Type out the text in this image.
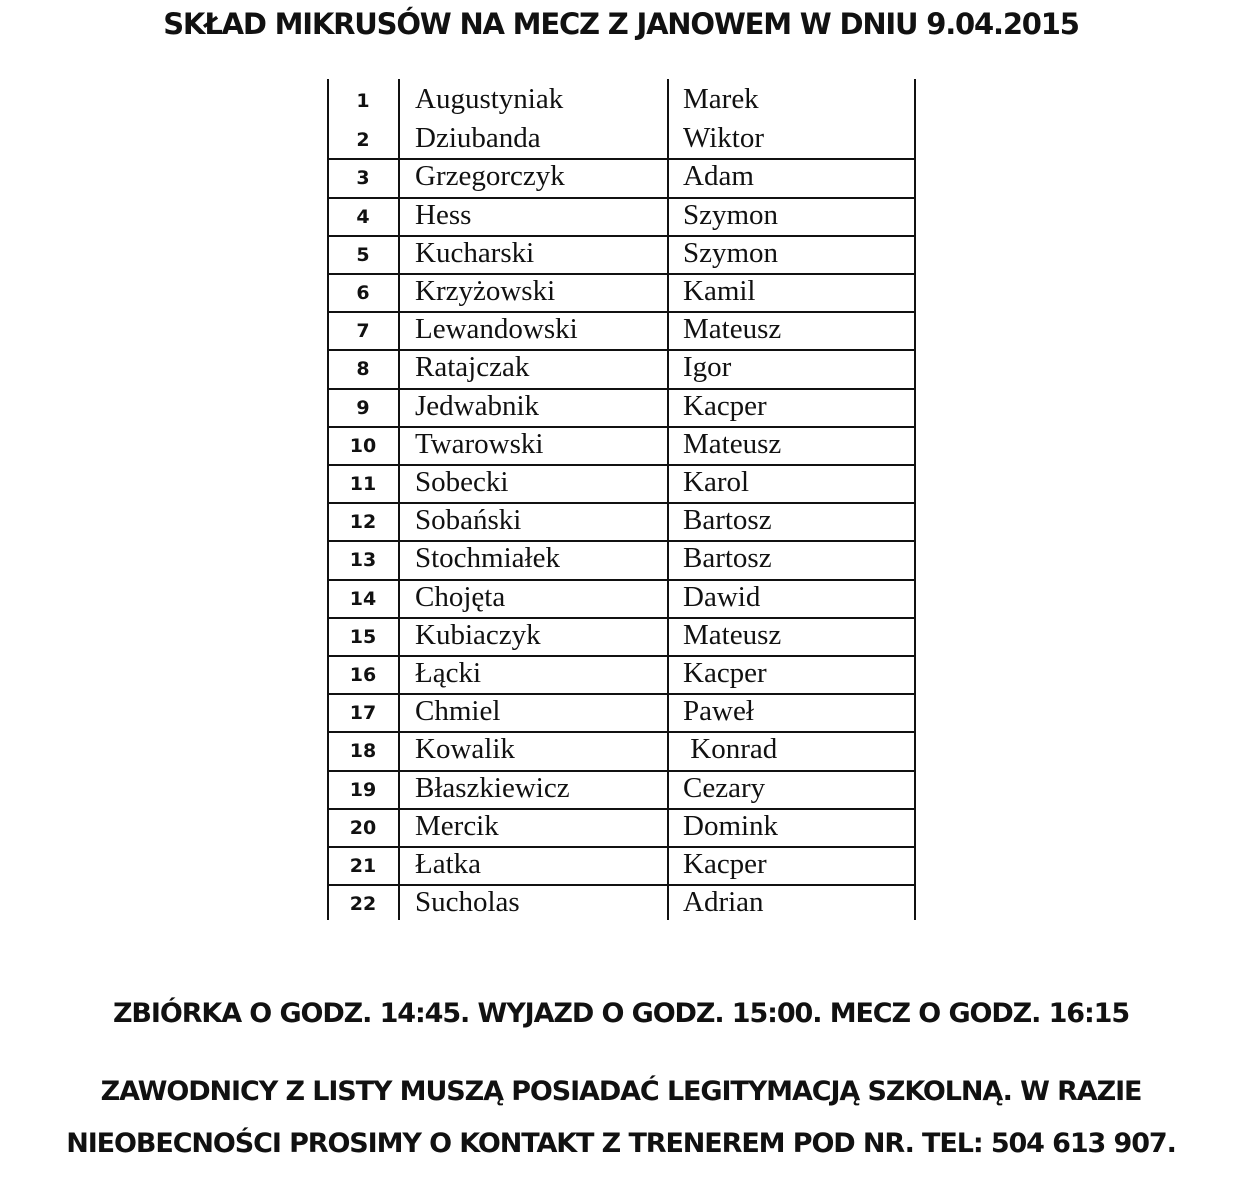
SKŁAD MIKRUSÓW NA MECZ Z JANOWEM W DNIU 9.04.2015
1	Augustyniak	Marek
2	Dziubanda	Wiktor
3	Grzegorczyk	Adam
4	Hess	Szymon
5	Kucharski	Szymon
6	Krzyżowski	Kamil
7	Lewandowski	Mateusz
8	Ratajczak	Igor
9	Jedwabnik	Kacper
10	Twarowski	Mateusz
11	Sobecki	Karol
12	Sobański	Bartosz
13	Stochmiałek	Bartosz
14	Chojęta	Dawid
15	Kubiaczyk	Mateusz
16	Łącki	Kacper
17	Chmiel	Paweł
18	Kowalik	Konrad
19	Błaszkiewicz	Cezary
20	Mercik	Domink
21	Łatka	Kacper
22	Sucholas	Adrian
ZBIÓRKA O GODZ. 14:45. WYJAZD O GODZ. 15:00. MECZ O GODZ. 16:15
ZAWODNICY Z LISTY MUSZĄ POSIADAĆ LEGITYMACJĄ SZKOLNĄ. W RAZIE
NIEOBECNOŚCI PROSIMY O KONTAKT Z TRENEREM POD NR. TEL: 504 613 907.
